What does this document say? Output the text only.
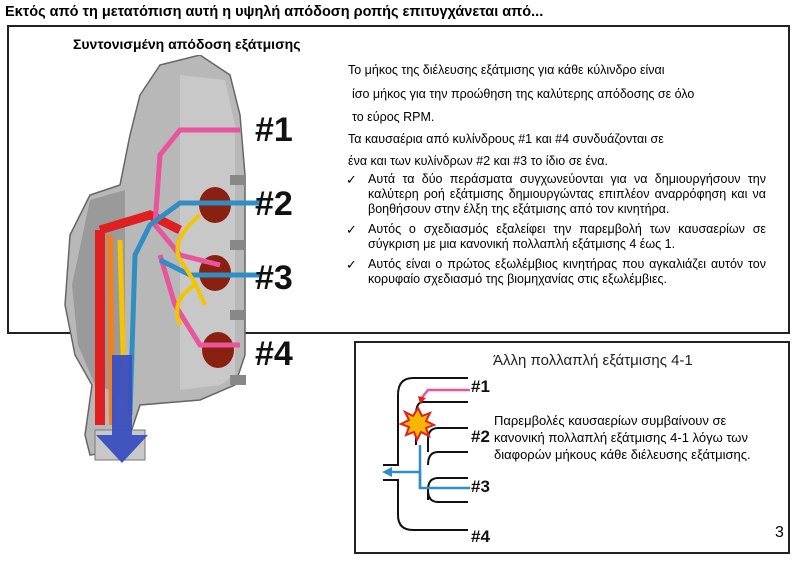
Εκτός από τη μετατόπιση αυτή η υψηλή απόδοση ροπής επιτυγχάνεται από...
Συντονισμένη απόδοση εξάτμισης
#1
#2
#3
#4
Το μήκος της διέλευσης εξάτμισης για κάθε κύλινδρο είναι
ίσο μήκος για την προώθηση της καλύτερης απόδοσης σε όλο
το εύρος RPM.
Τα καυσαέρια από κυλίνδρους #1 και #4 συνδυάζονται σε
ένα και των κυλίνδρων #2 και #3 το ίδιο σε ένα.
✓ Αυτά τα δύο περάσματα συγχωνεύονται για να δημιουργήσουν την καλύτερη ροή εξάτμισης δημιουργώντας επιπλέον αναρρόφηση και να βοηθήσουν στην έλξη της εξάτμισης από τον κινητήρα.
✓ Αυτός ο σχεδιασμός εξαλείφει την παρεμβολή των καυσαερίων σε σύγκριση με μια κανονική πολλαπλή εξάτμισης 4 έως 1.
✓ Αυτός είναι ο πρώτος εξωλέμβιος κινητήρας που αγκαλιάζει αυτόν τον κορυφαίο σχεδιασμό της βιομηχανίας στις εξωλέμβιες.
Άλλη πολλαπλή εξάτμισης 4-1
#1
#2
#3
#4
Παρεμβολές καυσαερίων συμβαίνουν σε κανονική πολλαπλή εξάτμισης 4-1 λόγω των διαφορών μήκους κάθε διέλευσης εξάτμισης.
3
